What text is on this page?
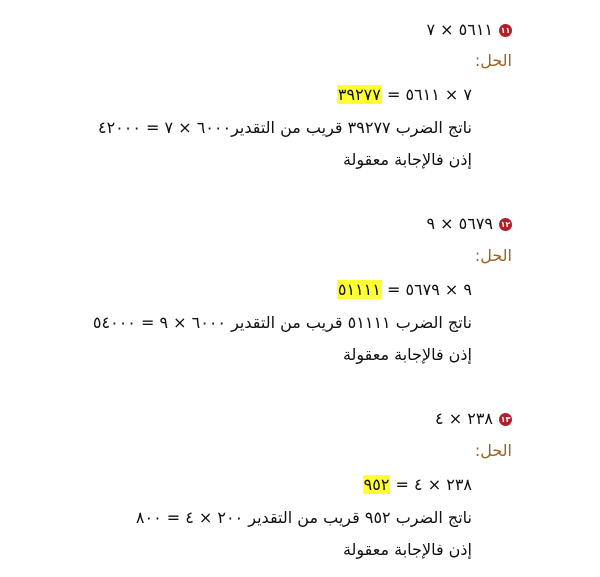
١١
٥٦١١ × ٧
الحل:
٧ × ٥٦١١ = ٣٩٢٧٧
ناتج الضرب ٣٩٢٧٧ قريب من التقدير٦٠٠٠ × ٧ = ٤٢٠٠٠
إذن فالإجابة معقولة
١٢
٥٦٧٩ × ٩
الحل:
٩ × ٥٦٧٩ = ٥١١١١
ناتج الضرب ٥١١١١ قريب من التقدير ٦٠٠٠ × ٩ = ٥٤٠٠٠
إذن فالإجابة معقولة
١٣
٢٣٨ × ٤
الحل:
٢٣٨ × ٤ = ٩٥٢
ناتج الضرب ٩٥٢ قريب من التقدير ٢٠٠ × ٤ = ٨٠٠
إذن فالإجابة معقولة
